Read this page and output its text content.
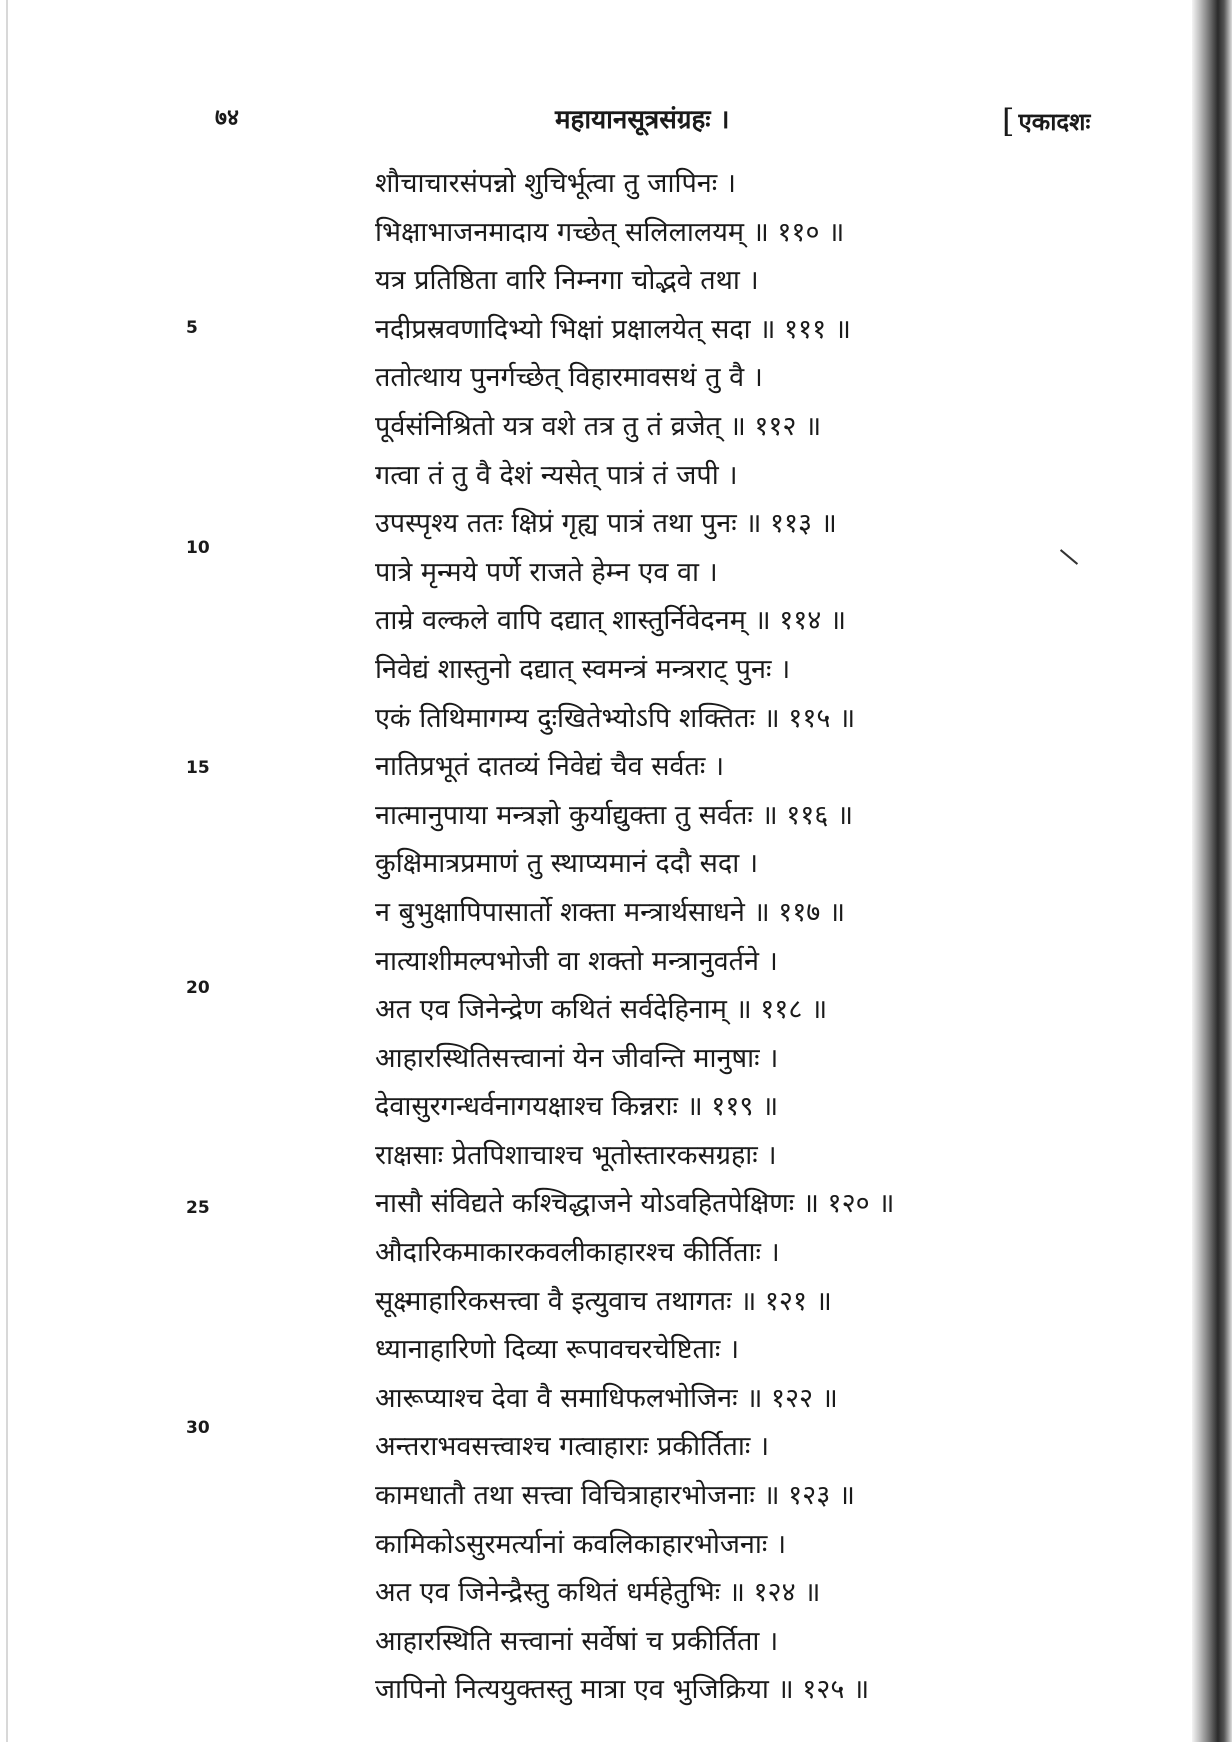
७४	महायानसूत्रसंग्रहः ।	[ एकादशः
5
10
15
20
25
30
शौचाचारसंपन्नो शुचिर्भूत्वा तु जापिनः ।
भिक्षाभाजनमादाय गच्छेत् सलिलालयम् ॥ ११० ॥
यत्र प्रतिष्ठिता वारि निम्नगा चोद्भवे तथा ।
नदीप्रस्रवणादिभ्यो भिक्षां प्रक्षालयेत् सदा ॥ १११ ॥
ततोत्थाय पुनर्गच्छेत् विहारमावसथं तु वै ।
पूर्वसंनिश्रितो यत्र वशे तत्र तु तं व्रजेत् ॥ ११२ ॥
गत्वा तं तु वै देशं न्यसेत् पात्रं तं जपी ।
उपस्पृश्य ततः क्षिप्रं गृह्य पात्रं तथा पुनः ॥ ११३ ॥
पात्रे मृन्मये पर्णे राजते हेम्न एव वा ।
ताम्रे वल्कले वापि दद्यात् शास्तुर्निवेदनम् ॥ ११४ ॥
निवेद्यं शास्तुनो दद्यात् स्वमन्त्रं मन्त्रराट् पुनः ।
एकं तिथिमागम्य दुःखितेभ्योऽपि शक्तितः ॥ ११५ ॥
नातिप्रभूतं दातव्यं निवेद्यं चैव सर्वतः ।
नात्मानुपाया मन्त्रज्ञो कुर्याद्युक्ता तु सर्वतः ॥ ११६ ॥
कुक्षिमात्रप्रमाणं तु स्थाप्यमानं ददौ सदा ।
न बुभुक्षापिपासार्तो शक्ता मन्त्रार्थसाधने ॥ ११७ ॥
नात्याशीमल्पभोजी वा शक्तो मन्त्रानुवर्तने ।
अत एव जिनेन्द्रेण कथितं सर्वदेहिनाम् ॥ ११८ ॥
आहारस्थितिसत्त्वानां येन जीवन्ति मानुषाः ।
देवासुरगन्धर्वनागयक्षाश्च किन्नराः ॥ ११९ ॥
राक्षसाः प्रेतपिशाचाश्च भूतोस्तारकसग्रहाः ।
नासौ संविद्यते कश्चिद्धाजने योऽवहितपेक्षिणः ॥ १२० ॥
औदारिकमाकारकवलीकाहारश्च कीर्तिताः ।
सूक्ष्माहारिकसत्त्वा वै इत्युवाच तथागतः ॥ १२१ ॥
ध्यानाहारिणो दिव्या रूपावचरचेष्टिताः ।
आरूप्याश्च देवा वै समाधिफलभोजिनः ॥ १२२ ॥
अन्तराभवसत्त्वाश्च गत्वाहाराः प्रकीर्तिताः ।
कामधातौ तथा सत्त्वा विचित्राहारभोजनाः ॥ १२३ ॥
कामिकोऽसुरमर्त्यानां कवलिकाहारभोजनाः ।
अत एव जिनेन्द्रैस्तु कथितं धर्महेतुभिः ॥ १२४ ॥
आहारस्थिति सत्त्वानां सर्वेषां च प्रकीर्तिता ।
जापिनो नित्ययुक्तस्तु मात्रा एव भुजिक्रिया ॥ १२५ ॥
